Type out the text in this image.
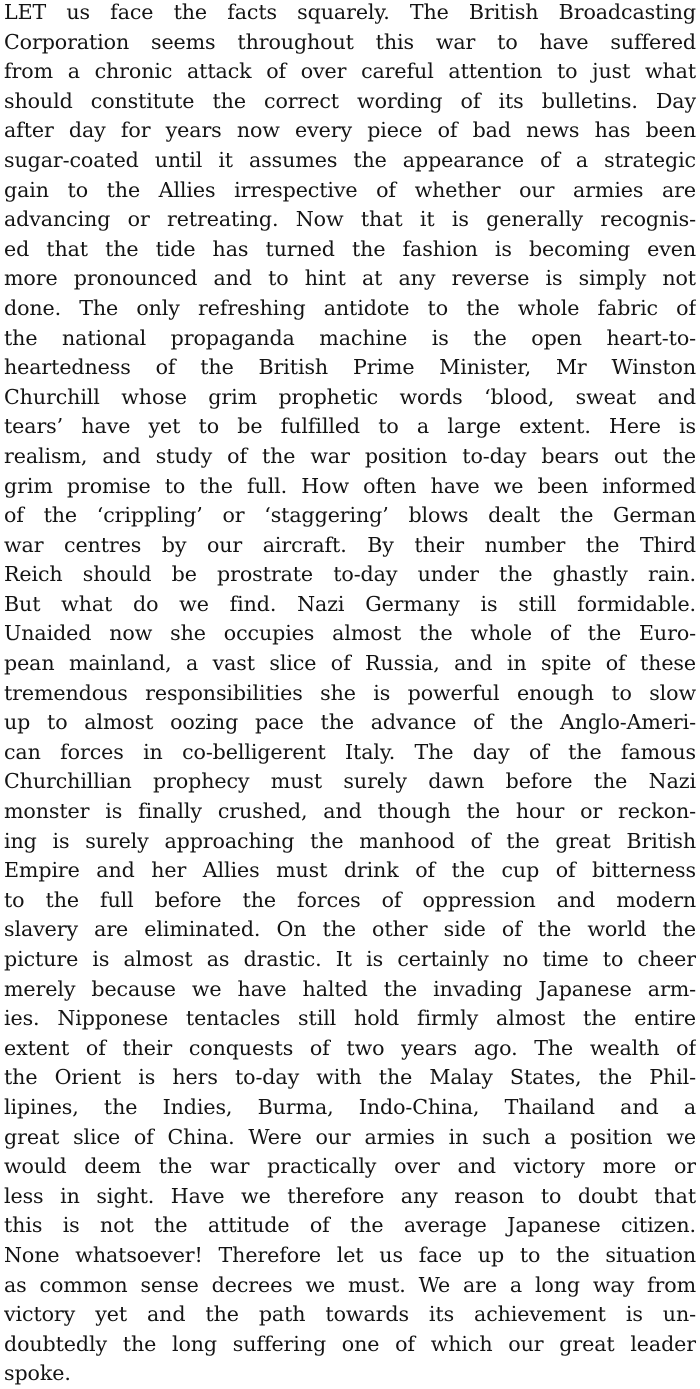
LET us face the facts squarely. The British Broadcasting
Corporation seems throughout this war to have suffered
from a chronic attack of over careful attention to just what
should constitute the correct wording of its bulletins. Day
after day for years now every piece of bad news has been
sugar-coated until it assumes the appearance of a strategic
gain to the Allies irrespective of whether our armies are
advancing or retreating. Now that it is generally recognis-
ed that the tide has turned the fashion is becoming even
more pronounced and to hint at any reverse is simply not
done. The only refreshing antidote to the whole fabric of
the national propaganda machine is the open heart-to-
heartedness of the British Prime Minister, Mr Winston
Churchill whose grim prophetic words ‘blood, sweat and
tears’ have yet to be fulfilled to a large extent. Here is
realism, and study of the war position to-day bears out the
grim promise to the full. How often have we been informed
of the ‘crippling’ or ‘staggering’ blows dealt the German
war centres by our aircraft. By their number the Third
Reich should be prostrate to-day under the ghastly rain.
But what do we find. Nazi Germany is still formidable.
Unaided now she occupies almost the whole of the Euro-
pean mainland, a vast slice of Russia, and in spite of these
tremendous responsibilities she is powerful enough to slow
up to almost oozing pace the advance of the Anglo-Ameri-
can forces in co-belligerent Italy. The day of the famous
Churchillian prophecy must surely dawn before the Nazi
monster is finally crushed, and though the hour or reckon-
ing is surely approaching the manhood of the great British
Empire and her Allies must drink of the cup of bitterness
to the full before the forces of oppression and modern
slavery are eliminated. On the other side of the world the
picture is almost as drastic. It is certainly no time to cheer
merely because we have halted the invading Japanese arm-
ies. Nipponese tentacles still hold firmly almost the entire
extent of their conquests of two years ago. The wealth of
the Orient is hers to-day with the Malay States, the Phil-
lipines, the Indies, Burma, Indo-China, Thailand and a
great slice of China. Were our armies in such a position we
would deem the war practically over and victory more or
less in sight. Have we therefore any reason to doubt that
this is not the attitude of the average Japanese citizen.
None whatsoever! Therefore let us face up to the situation
as common sense decrees we must. We are a long way from
victory yet and the path towards its achievement is un-
doubtedly the long suffering one of which our great leader
spoke.
